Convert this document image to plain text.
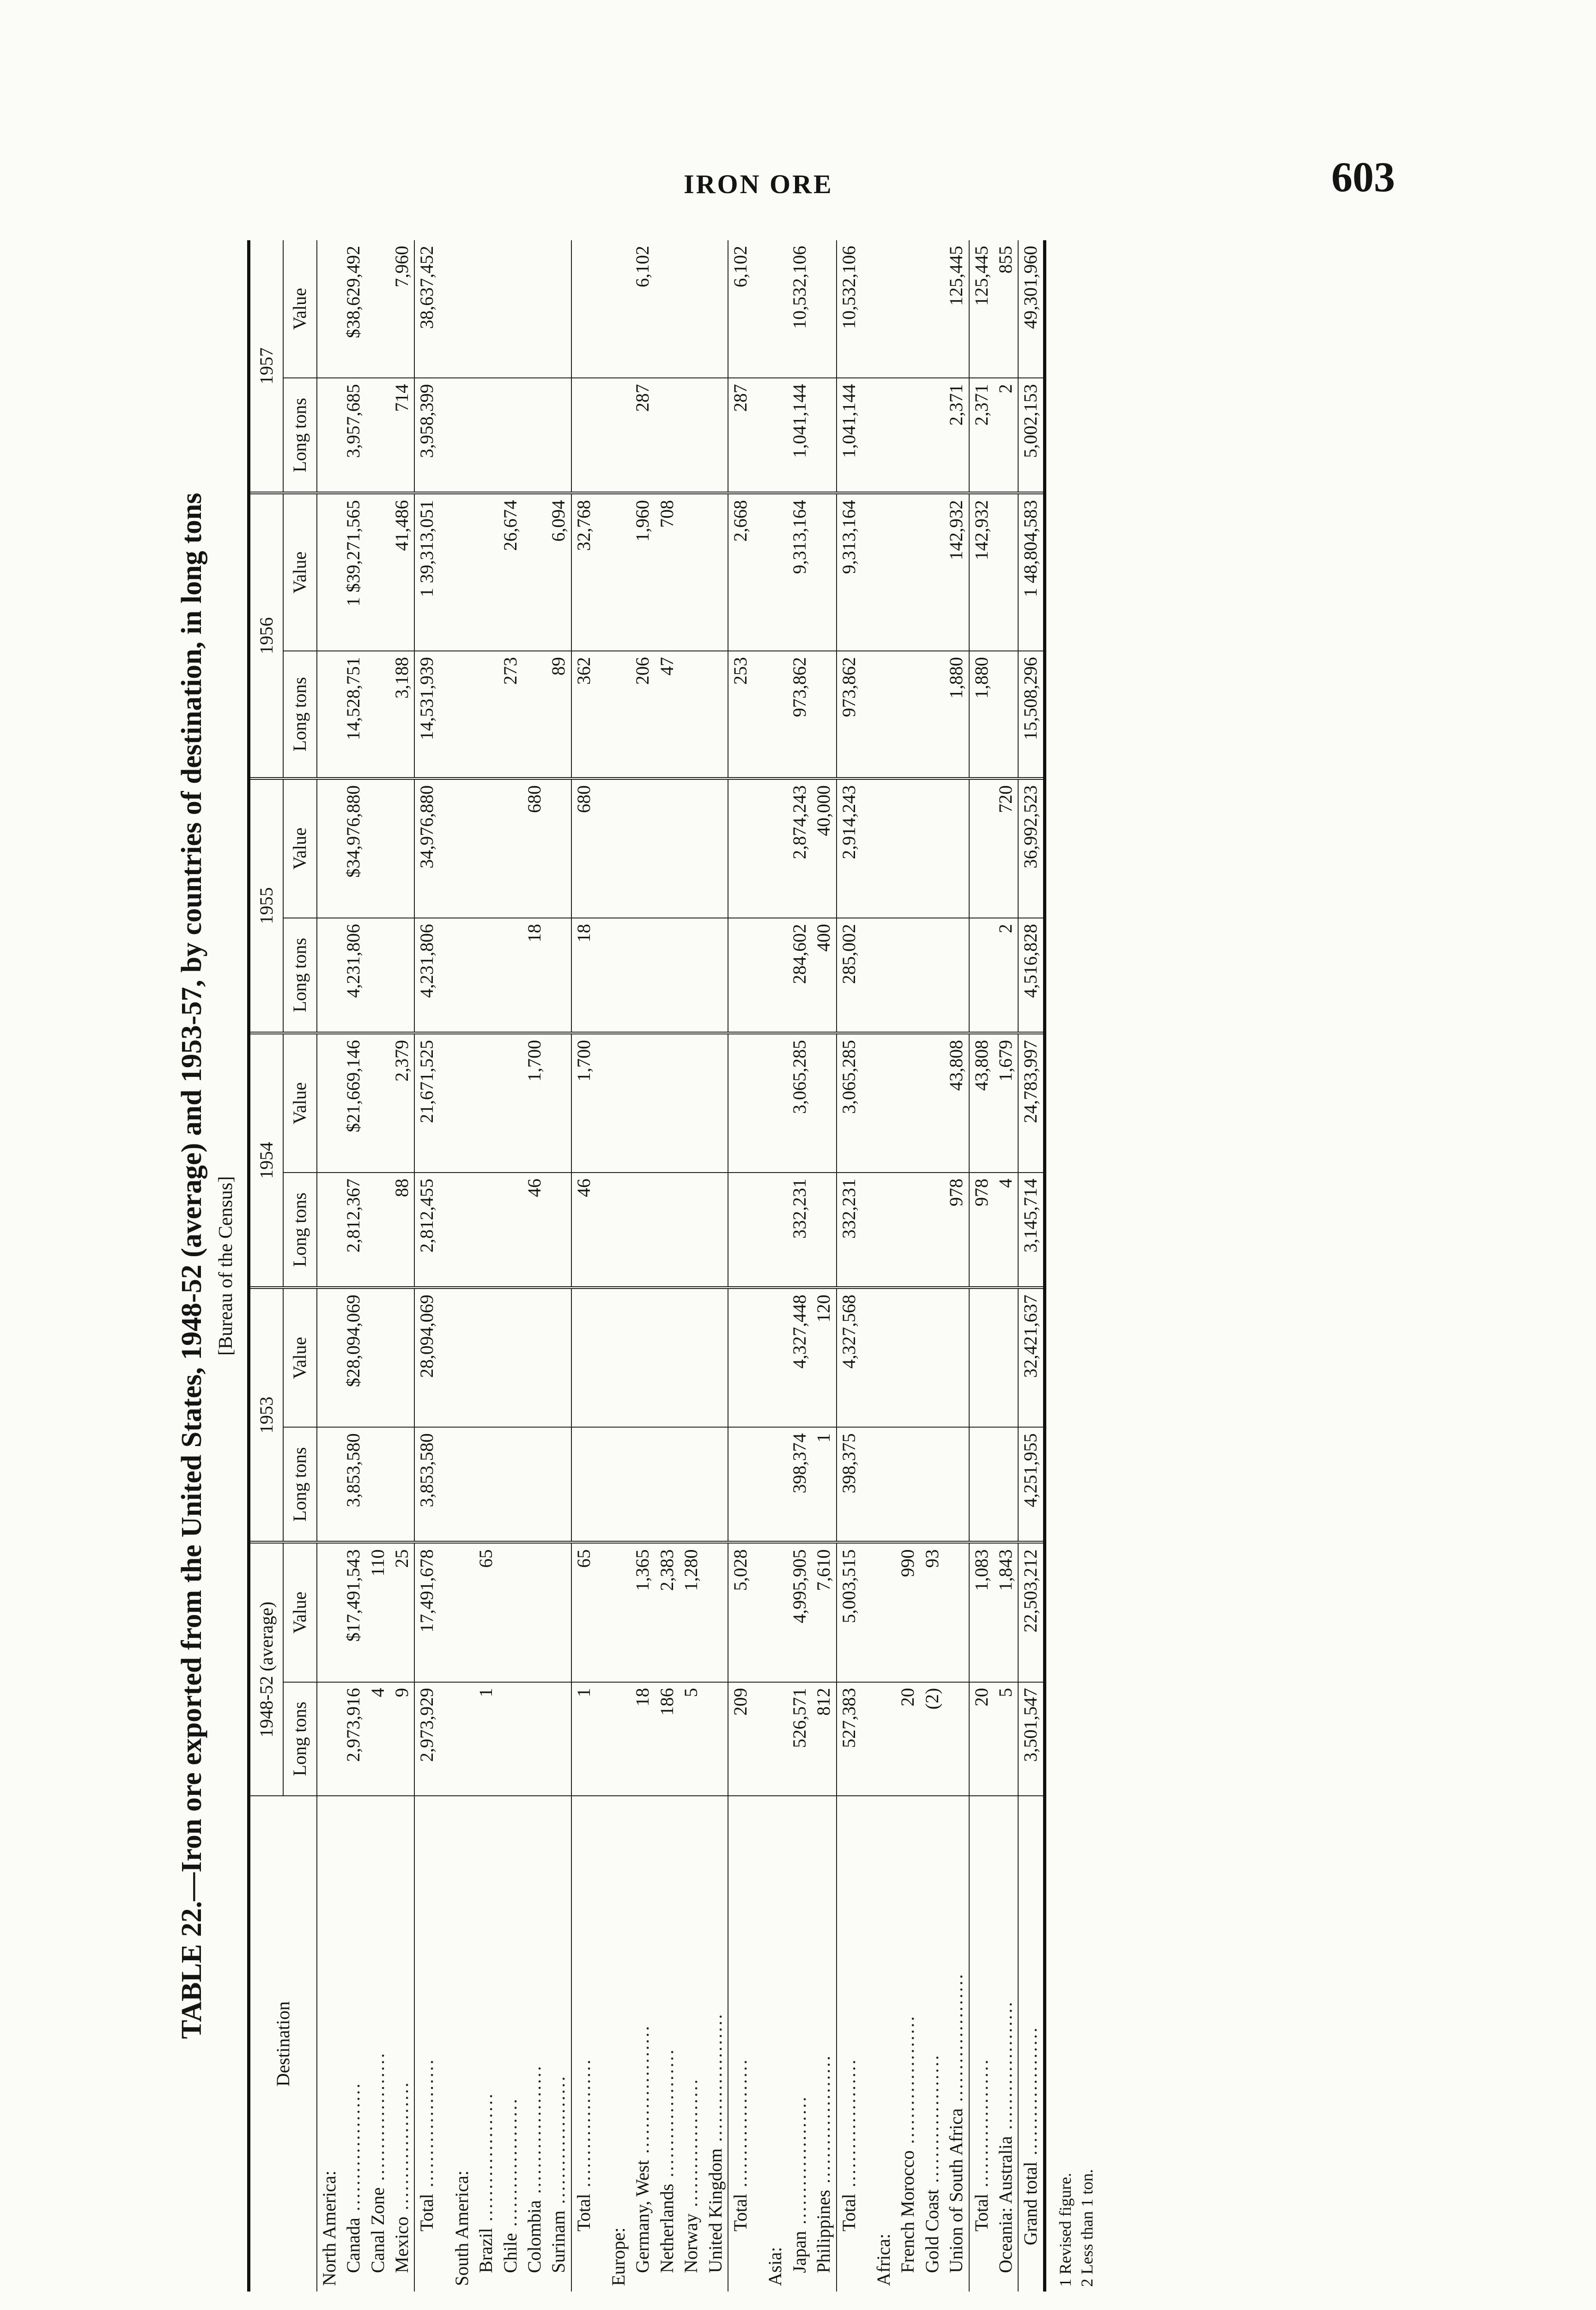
IRON ORE	603
TABLE 22.—Iron ore exported from the United States, 1948-52 (average) and 1953-57, by countries of destination, in long tons [Bureau of the Census]
Destination	1948-52 (average)		1953		1954		1955		1956		1957	
	Long tons	Value	Long tons	Value	Long tons	Value	Long tons	Value	Long tons	Value	Long tons	Value
North America:												
Canada ....................	2,973,916	$17,491,543	3,853,580	$28,094,069	2,812,367	$21,669,146	4,231,806	$34,976,880	14,528,751	1 $39,271,565	3,957,685	$38,629,492
Canal Zone ....................	4	110										
Mexico ....................	9	25			88	2,379			3,188	41,486	714	7,960
Total ....................	2,973,929	17,491,678	3,853,580	28,094,069	2,812,455	21,671,525	4,231,806	34,976,880	14,531,939	1 39,313,051	3,958,399	38,637,452
South America:												
Brazil ....................	1	65										
Chile ....................									273	26,674		
Colombia ....................					46	1,700	18	680				
Surinam ....................									89	6,094		
Total ....................	1	65			46	1,700	18	680	362	32,768		
Europe:												
Germany, West ....................	18	1,365							206	1,960	287	6,102
Netherlands ....................	186	2,383							47	708		
Norway ....................	5	1,280										
United Kingdom ....................												
Total ....................	209	5,028							253	2,668	287	6,102
Asia:												
Japan ....................	526,571	4,995,905	398,374	4,327,448	332,231	3,065,285	284,602	2,874,243	973,862	9,313,164	1,041,144	10,532,106
Philippines ....................	812	7,610	1	120			400	40,000				
Total ....................	527,383	5,003,515	398,375	4,327,568	332,231	3,065,285	285,002	2,914,243	973,862	9,313,164	1,041,144	10,532,106
Africa:												
French Morocco ....................	20	990										
Gold Coast ....................	(2)	93										
Union of South Africa ....................					978	43,808			1,880	142,932	2,371	125,445
Total ....................	20	1,083			978	43,808			1,880	142,932	2,371	125,445
Oceania: Australia ....................	5	1,843			4	1,679	2	720			2	855
Grand total ....................	3,501,547	22,503,212	4,251,955	32,421,637	3,145,714	24,783,997	4,516,828	36,992,523	15,508,296	1 48,804,583	5,002,153	49,301,960
1 Revised figure. 2 Less than 1 ton.
